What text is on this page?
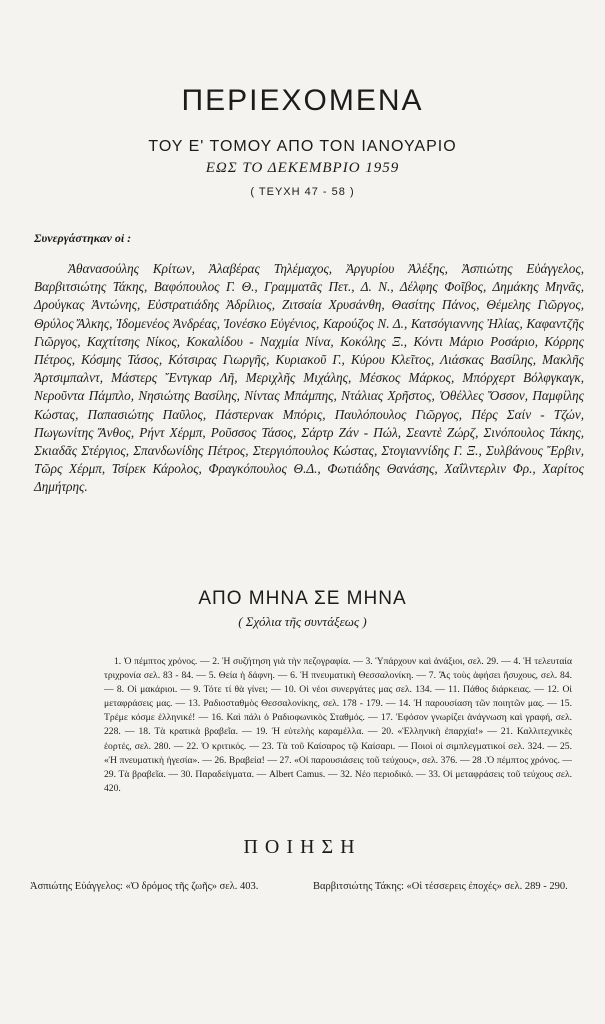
ΠΕΡΙΕΧΟΜΕΝΑ
ΤΟΥ Ε' ΤΟΜΟΥ ΑΠΟ ΤΟΝ ΙΑΝΟΥΑΡΙΟ
ΕΩΣ ΤΟ ΔΕΚΕΜΒΡΙΟ 1959
( ΤΕΥΧΗ 47 - 58 )
Συνεργάστηκαν οἱ :

Ἀθανασούλης Κρίτων, Ἀλαβέρας Τηλέμαχος, Ἀργυρίου Ἀλέξης, Ἀσπιώτης Εὐάγγελος, Βαρβιτσιώτης Τάκης, Βαφόπουλος Γ. Θ., Γραμματᾶς Πετ., Δ. Ν., Δέλφης Φοῖβος, Δημάκης Μηνᾶς, Δρούγκας Ἀντώνης, Εὐστρατιάδης Ἀδρίλιος, Ζιτσαία Χρυσάνθη, Θασίτης Πάνος, Θέμελης Γιῶργος, Θρύλος Ἄλκης, Ἰδομενέος Ἀνδρέας, Ἰονέσκο Εὐγένιος, Καρούζος Ν. Δ., Κατσόγιαννης Ἠλίας, Καφαντζῆς Γιῶργος, Καχτίτσης Νίκος, Κοκαλίδου - Ναχμία Νίνα, Κοκόλης Ξ., Κόντι Μάριο Ροσάριο, Κόρρης Πέτρος, Κόσμης Τάσος, Κότσιρας Γιωργῆς, Κυριακοῦ Γ., Κύρου Κλεῖτος, Λιάσκας Βασίλης, Μακλῆς Ἀρτσιμπαλντ, Μάστερς Ἔντγκαρ Λῆ, Μεριχλῆς Μιχάλης, Μέσκος Μάρκος, Μπόρχερτ Βόλφγκαγκ, Νεροῦντα Πάμπλο, Νησιώτης Βασίλης, Νίντας Μπάμπης, Ντάλιας Χρῆστος, Ὀθέλλες Ὄσσον, Παμφίλης Κώστας, Παπασιώτης Παῦλος, Πάστερνακ Μπόρις, Παυλόπουλος Γιῶργος, Πέρς Σαίν - Τζών, Πωγωνίτης Ἄνθος, Ρήντ Χέρμπ, Ροῦσσος Τάσος, Σάρτρ Ζάν - Πώλ, Σεαντὲ Ζώρζ, Σινόπουλος Τάκης, Σκιαδᾶς Στέργιος, Σπανδωνίδης Πέτρος, Στεργιόπουλος Κώστας, Στογιαννίδης Γ. Ξ., Συλβάνους Ἔρβιν, Τῶρς Χέρμπ, Τσίρεκ Κάρολος, Φραγκόπουλος Θ.Δ., Φωτιάδης Θανάσης, Χαΐλντερλιν Φρ., Χαρίτος Δημήτρης.

ΑΠΟ ΜΗΝΑ ΣΕ ΜΗΝΑ
( Σχόλια τῆς συντάξεως )

1. Ὁ πέμπτος χρόνος. — 2. Ἡ συζήτηση γιὰ τὴν πεζογραφία. — 3. Ὑπάρχουν καὶ ἀνάξιοι, σελ. 29. — 4. Ἡ τελευταία τριχρονία σελ. 83 - 84. — 5. Θεία ἡ δάφνη. — 6. Ἡ πνευματικὴ Θεσσαλονίκη. — 7. Ἂς τοὺς ἀφήσει ἥσυχους, σελ. 84. — 8. Οἱ μακάριοι. — 9. Τότε τί θὰ γίνει; — 10. Οἱ νέοι συνεργάτες μας σελ. 134. — 11. Πάθος διάρκειας. — 12. Οἱ μεταφράσεις μας. — 13. Ραδιοσταθμὸς Θεσσαλονίκης, σελ. 178 - 179. — 14. Ἡ παρουσίαση τῶν ποιητῶν μας. — 15. Τρέμε κόσμε ἑλληνικέ! — 16. Καὶ πάλι ὁ Ραδιοφωνικὸς Σταθμός. — 17. Ἐφόσον γνωρίζει ἀνάγνωση καὶ γραφή, σελ. 228. — 18. Τὰ κρατικὰ βραβεῖα. — 19. Ἡ εὐτελὴς καραμέλλα. — 20. «Ἑλληνικὴ ἐπαρχία!» — 21. Καλλιτεχνικὲς ἑορτές, σελ. 280. — 22. Ὁ κριτικός. — 23. Τὰ τοῦ Καίσαρος τῷ Καίσαρι. — Ποιοὶ οἱ σιμπλεγματικοί σελ. 324. — 25. «Ἡ πνευματικὴ ἡγεσία». — 26. Βραβεία! — 27. «Οἱ παρουσιάσεις τοῦ τεύχους», σελ. 376. — 28 .Ὁ πέμπτος χρόνος. — 29. Τὰ βραβεῖα. — 30. Παραδείγματα. — Albert Camus. — 32. Νέο περιοδικό. — 33. Οἱ μεταφράσεις τοῦ τεύχους σελ. 420.

ΠΟΙΗΣΗ

Ἀσπιώτης Εὐάγγελος: «Ὁ δρόμος τῆς ζωῆς» σελ. 403.	Βαρβιτσιώτης Τάκης: «Οἱ τέσσερεις ἐποχές» σελ. 289 - 290.
